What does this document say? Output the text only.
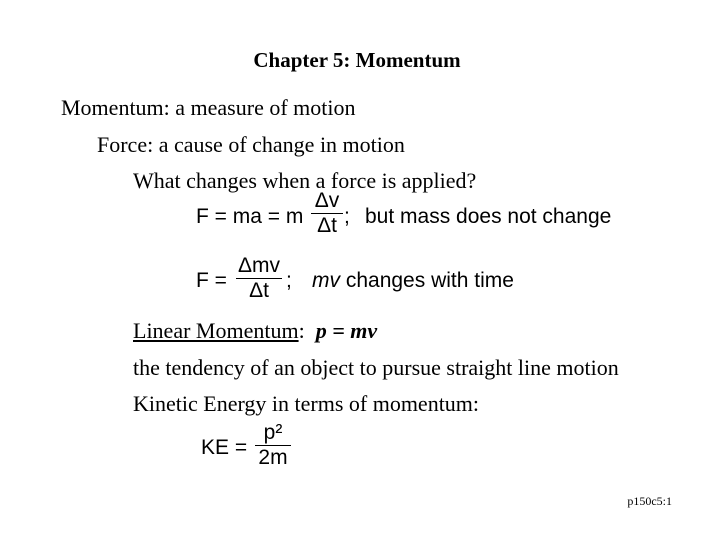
Chapter 5: Momentum
Momentum: a measure of motion
Force: a cause of change in motion
What changes when a force is applied?
F = ma = m
Δv
Δt ; but mass does not change
F =
Δmv
Δt ; mv changes with time
Linear Momentum: p = mv
the tendency of an object to pursue straight line motion
Kinetic Energy in terms of momentum:
KE =
p²
2m
p150c5:1
